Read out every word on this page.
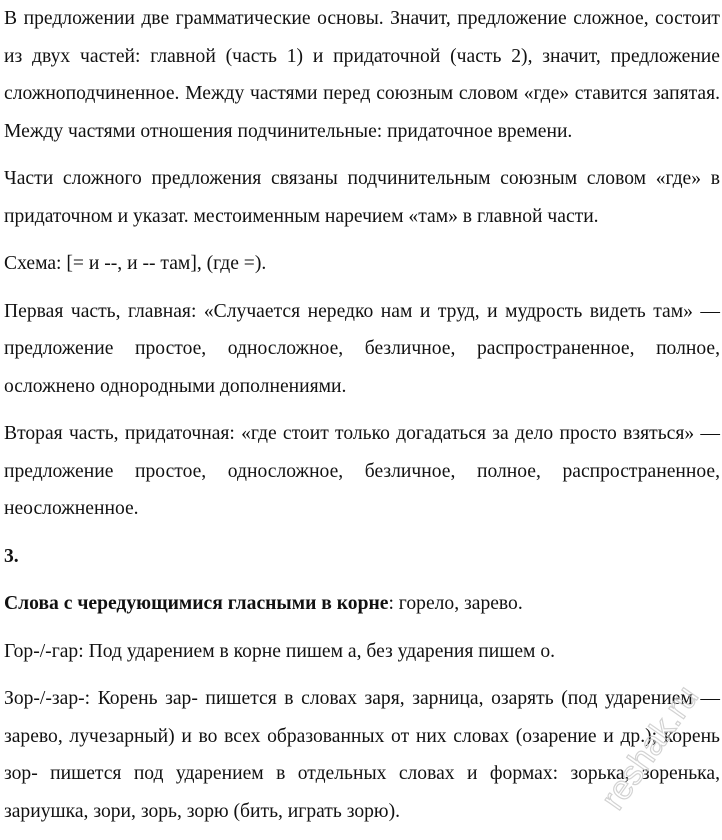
В предложении две грамматические основы. Значит, предложение сложное, состоит из двух частей: главной (часть 1) и придаточной (часть 2), значит, предложение сложноподчиненное. Между частями перед союзным словом «где» ставится запятая. Между частями отношения подчинительные: придаточное времени.

Части сложного предложения связаны подчинительным союзным словом «где» в придаточном и указат. местоименным наречием «там» в главной части.

Схема: [= и --, и -- там], (где =).

Первая часть, главная: «Случается нередко нам и труд, и мудрость видеть там» — предложение простое, односложное, безличное, распространенное, полное, осложнено однородными дополнениями.

Вторая часть, придаточная: «где стоит только догадаться за дело просто взяться» — предложение простое, односложное, безличное, полное, распространенное, неосложненное.

3.

Слова с чередующимися гласными в корне: горело, зарево.

Гор-/-гар: Под ударением в корне пишем а, без ударения пишем о.

Зор-/-зар-: Корень зар- пишется в словах заря, зарница, озарять (под ударением — зарево, лучезарный) и во всех образованных от них словах (озарение и др.); корень зор- пишется под ударением в отдельных словах и формах: зорька, зоренька, зариушка, зори, зорь, зорю (бить, играть зорю).	reshak.ru
